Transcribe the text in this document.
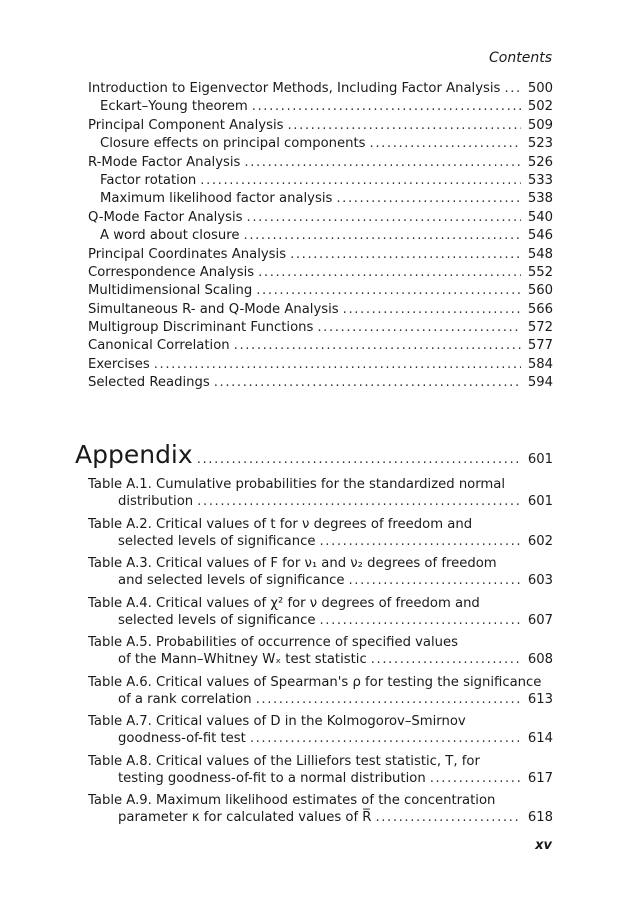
Contents
Introduction to Eigenvector Methods, Including Factor Analysis ..... 500
Eckart–Young theorem .....	502
Principal Component Analysis .....	509
Closure effects on principal components .....	523
R-Mode Factor Analysis .....	526
Factor rotation .....	533
Maximum likelihood factor analysis .....	538
Q-Mode Factor Analysis .....	540
A word about closure .....	546
Principal Coordinates Analysis .....	548
Correspondence Analysis .....	552
Multidimensional Scaling .....	560
Simultaneous R- and Q-Mode Analysis .....	566
Multigroup Discriminant Functions .....	572
Canonical Correlation .....	577
Exercises .....	584
Selected Readings .....	594
Appendix .....	601
Table A.1. Cumulative probabilities for the standardized normal
distribution .....	601
Table A.2. Critical values of t for ν degrees of freedom and
selected levels of significance .....	602
Table A.3. Critical values of F for ν₁ and ν₂ degrees of freedom
and selected levels of significance .....	603
Table A.4. Critical values of χ² for ν degrees of freedom and
selected levels of significance .....	607
Table A.5. Probabilities of occurrence of specified values
of the Mann–Whitney Wₓ test statistic .....	608
Table A.6. Critical values of Spearman's ρ for testing the significance
of a rank correlation .....	613
Table A.7. Critical values of D in the Kolmogorov–Smirnov
goodness-of-fit test .....	614
Table A.8. Critical values of the Lilliefors test statistic, T, for
testing goodness-of-fit to a normal distribution .....	617
Table A.9. Maximum likelihood estimates of the concentration
parameter κ for calculated values of R̅ .....	618
xv
